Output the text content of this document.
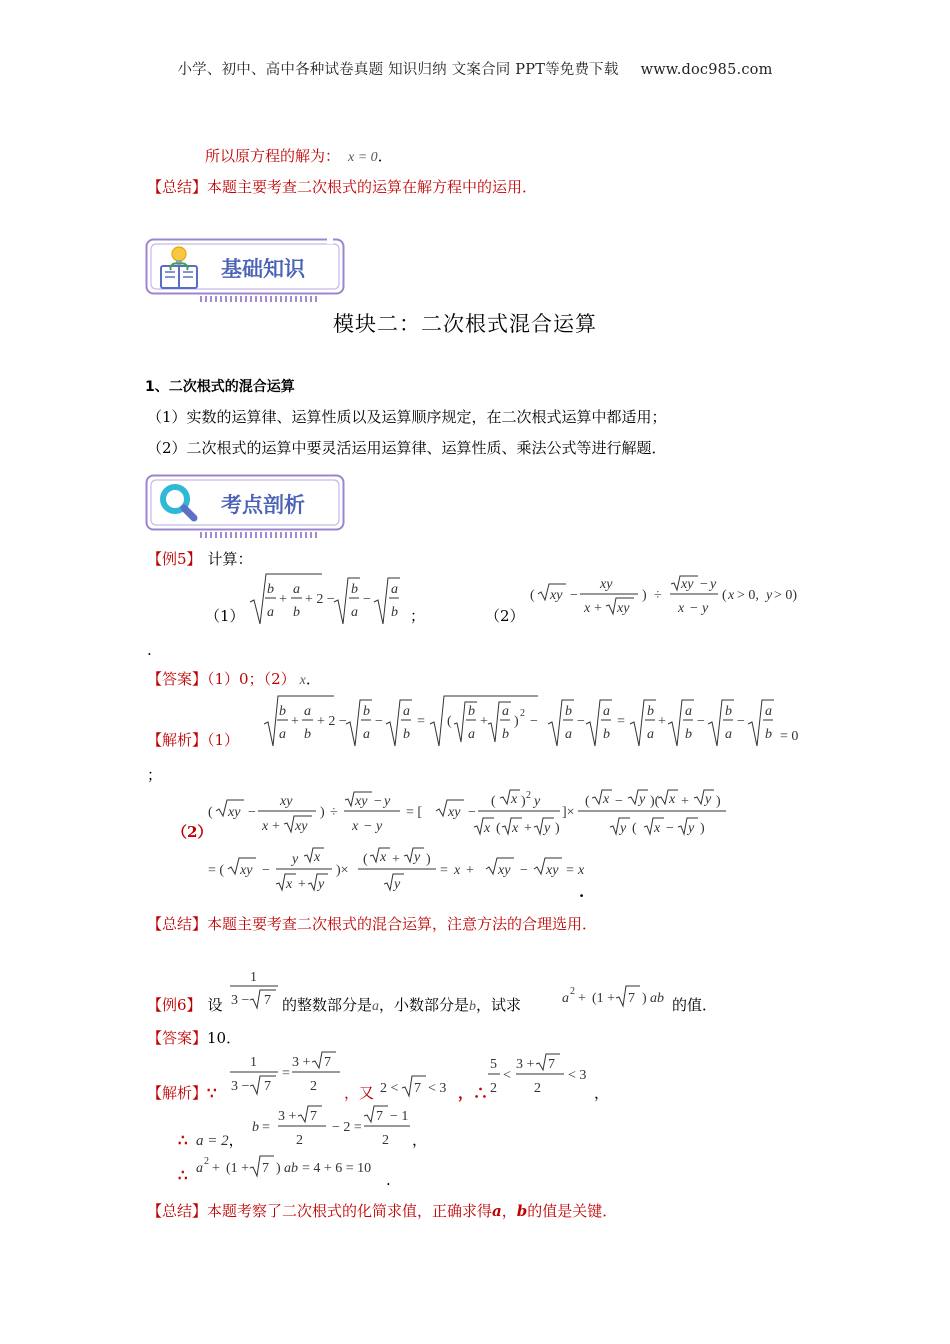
小学、初中、高中各种试卷真题 知识归纳 文案合同 PPT等免费下载 www.doc985.com
所以原方程的解为： x = 0．
【总结】本题主要考查二次根式的运算在解方程中的运用．
基础知识
模块二：二次根式混合运算
1、二次根式的混合运算
（1）实数的运算律、运算性质以及运算顺序规定，在二次根式运算中都适用；
（2）二次根式的运算中要灵活运用运算律、运算性质、乘法公式等进行解题．
考点剖析
【例5】 计算：
（1）
b
a
a
b
b
a
a
b
+ + 2 − −
；	（2）
( xy −
xy
x + xy
) ÷
xy − y
x − y
( x > 0, y > 0)
.
【答案】（1）0；（2） x．
【解析】（1）
b
a
a
b
b
a
a
b
b
a
a
b
b
a
a
b
b
a
a
b
b
a
a
b
+ + 2 − − = ( + )
2
−	− = + − −
= 0
；
（2）
( xy −
xy
x + xy
) ÷
xy − y
x − y
= [ xy −
( x ) 2 y
x ( x + y )
]×
( x − y )( x + y )
y ( x − y )
= ( xy −
y x
x + y
)×
( x + y )
y
= x + xy − xy = x
.
【总结】本题主要考查二次根式的混合运算，注意方法的合理选用．
【例6】 设
1
3 − 7 的整数部分是a，小数部分是b，试求	a 2 + (1 + 7 ) ab 的值．
【答案】10．
【解析】∵
1
3 − 7
=
3 + 7
2 ，又 2 < 7 < 3 ，∴
5
2
<
3 + 7
2
< 3
，
∴ a = 2，
b =
3 + 7
2
− 2 =
7 − 1
2 ，
∴ a 2 + (1 + 7 ) ab = 4 + 6 = 10
.
【总结】本题考察了二次根式的化简求值，正确求得a，b的值是关键．
